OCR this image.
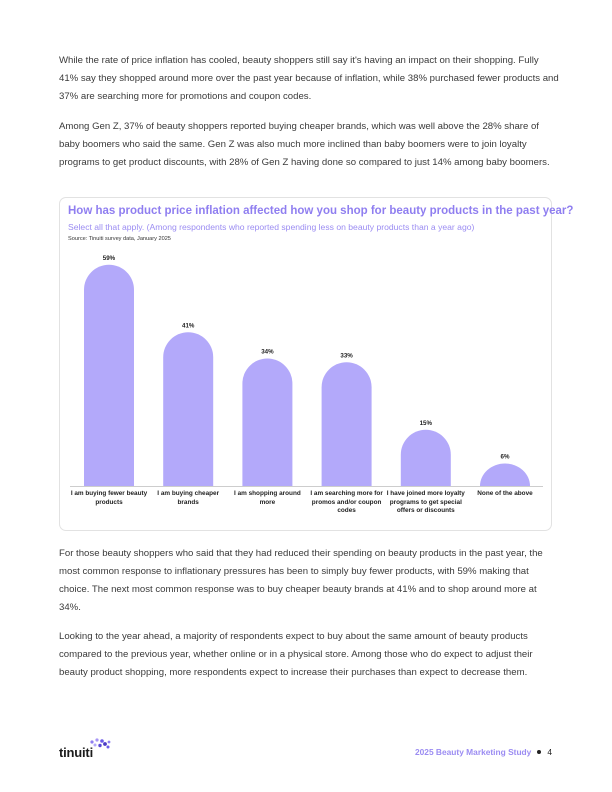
While the rate of price inflation has cooled, beauty shoppers still say it's having an impact on their shopping. Fully 41% say they shopped around more over the past year because of inflation, while 38% purchased fewer products and 37% are searching more for promotions and coupon codes.

Among Gen Z, 37% of beauty shoppers reported buying cheaper brands, which was well above the 28% share of baby boomers who said the same. Gen Z was also much more inclined than baby boomers were to join loyalty programs to get product discounts, with 28% of Gen Z having done so compared to just 14% among baby boomers.

59%
41%
34%
33%
15%
6%
How has product price inflation affected how you shop for beauty products in the past year?
Select all that apply. (Among respondents who reported spending less on beauty products than a year ago)
Source: Tinuiti survey data, January 2025
I am buying fewer beauty products
I am buying cheaper brands
I am shopping around more
I am searching more for promos and/or coupon codes
I have joined more loyalty programs to get special offers or discounts
None of the above

For those beauty shoppers who said that they had reduced their spending on beauty products in the past year, the most common response to inflationary pressures has been to simply buy fewer products, with 59% making that choice. The next most common response was to buy cheaper beauty brands at 41% and to shop around more at 34%.

Looking to the year ahead, a majority of respondents expect to buy about the same amount of beauty products compared to the previous year, whether online or in a physical store. Among those who do expect to adjust their beauty product shopping, more respondents expect to increase their purchases than expect to decrease them.

tinuiti	2025 Beauty Marketing Study 4
